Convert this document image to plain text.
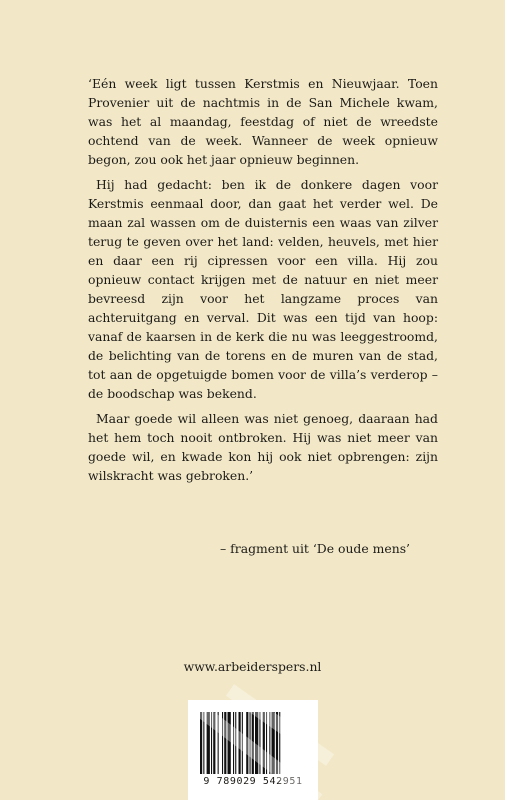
‘Eén week ligt tussen Kerstmis en Nieuwjaar. Toen Provenier uit de nachtmis in de San Michele kwam, was het al maandag, feestdag of niet de wreedste ochtend van de week. Wanneer de week opnieuw begon, zou ook het jaar opnieuw beginnen.

Hij had gedacht: ben ik de donkere dagen voor Kerstmis eenmaal door, dan gaat het verder wel. De maan zal wassen om de duisternis een waas van zilver terug te geven over het land: velden, heuvels, met hier en daar een rij cipressen voor een villa. Hij zou opnieuw contact krijgen met de natuur en niet meer bevreesd zijn voor het langzame proces van achteruitgang en verval. Dit was een tijd van hoop: vanaf de kaarsen in de kerk die nu was leeggestroomd, de belichting van de torens en de muren van de stad, tot aan de opgetuigde bomen voor de villa’s verderop – de boodschap was bekend.

Maar goede wil alleen was niet genoeg, daaraan had het hem toch nooit ontbroken. Hij was niet meer van goede wil, en kwade kon hij ook niet opbrengen: zijn wilskracht was gebroken.’

– fragment uit ‘De oude mens’
www.arbeiderspers.nl
9 789029 542951
